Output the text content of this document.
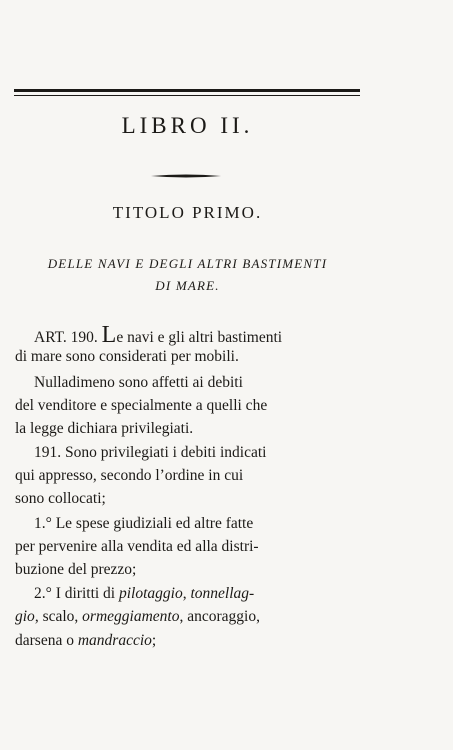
LIBRO II.
TITOLO PRIMO.
DELLE NAVI E DEGLI ALTRI BASTIMENTI
DI MARE.
ART. 190. Le navi e gli altri bastimenti
di mare sono considerati per mobili.
Nulladimeno sono affetti ai debiti
del venditore e specialmente a quelli che
la legge dichiara privilegiati.
191. Sono privilegiati i debiti indicati
qui appresso, secondo l’ordine in cui
sono collocati;
1.° Le spese giudiziali ed altre fatte
per pervenire alla vendita ed alla distri-
buzione del prezzo;
2.° I diritti di pilotaggio, tonnellag-
gio, scalo, ormeggiamento, ancoraggio,
darsena o mandraccio;
